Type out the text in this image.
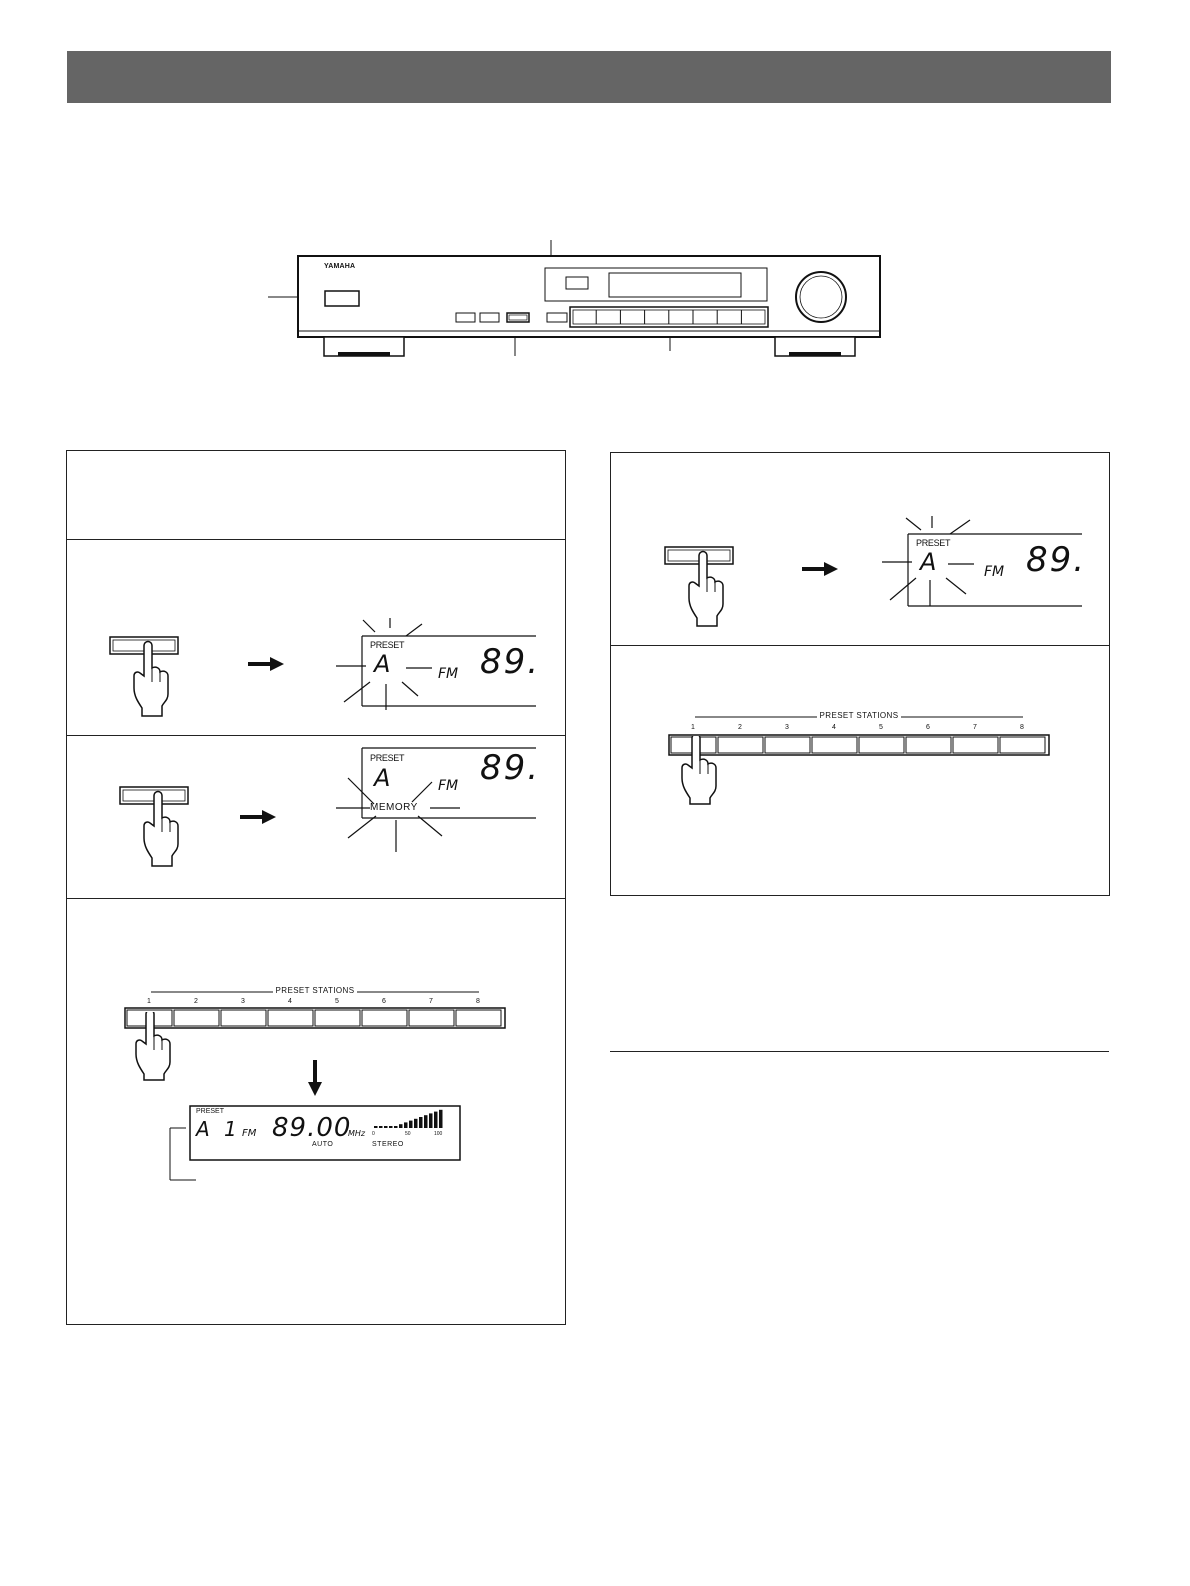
YAMAHA
PRESET
A	FM 89.
PRESET
A	FM 89.
MEMORY
PRESET STATIONS
1	2	3	4	5	6	7	8
PRESET
A 1 FM 89.00
MHz
AUTO	STEREO
0	50	100
PRESET
A	FM 89.
PRESET STATIONS
1	2	3	4	5	6	7	8
